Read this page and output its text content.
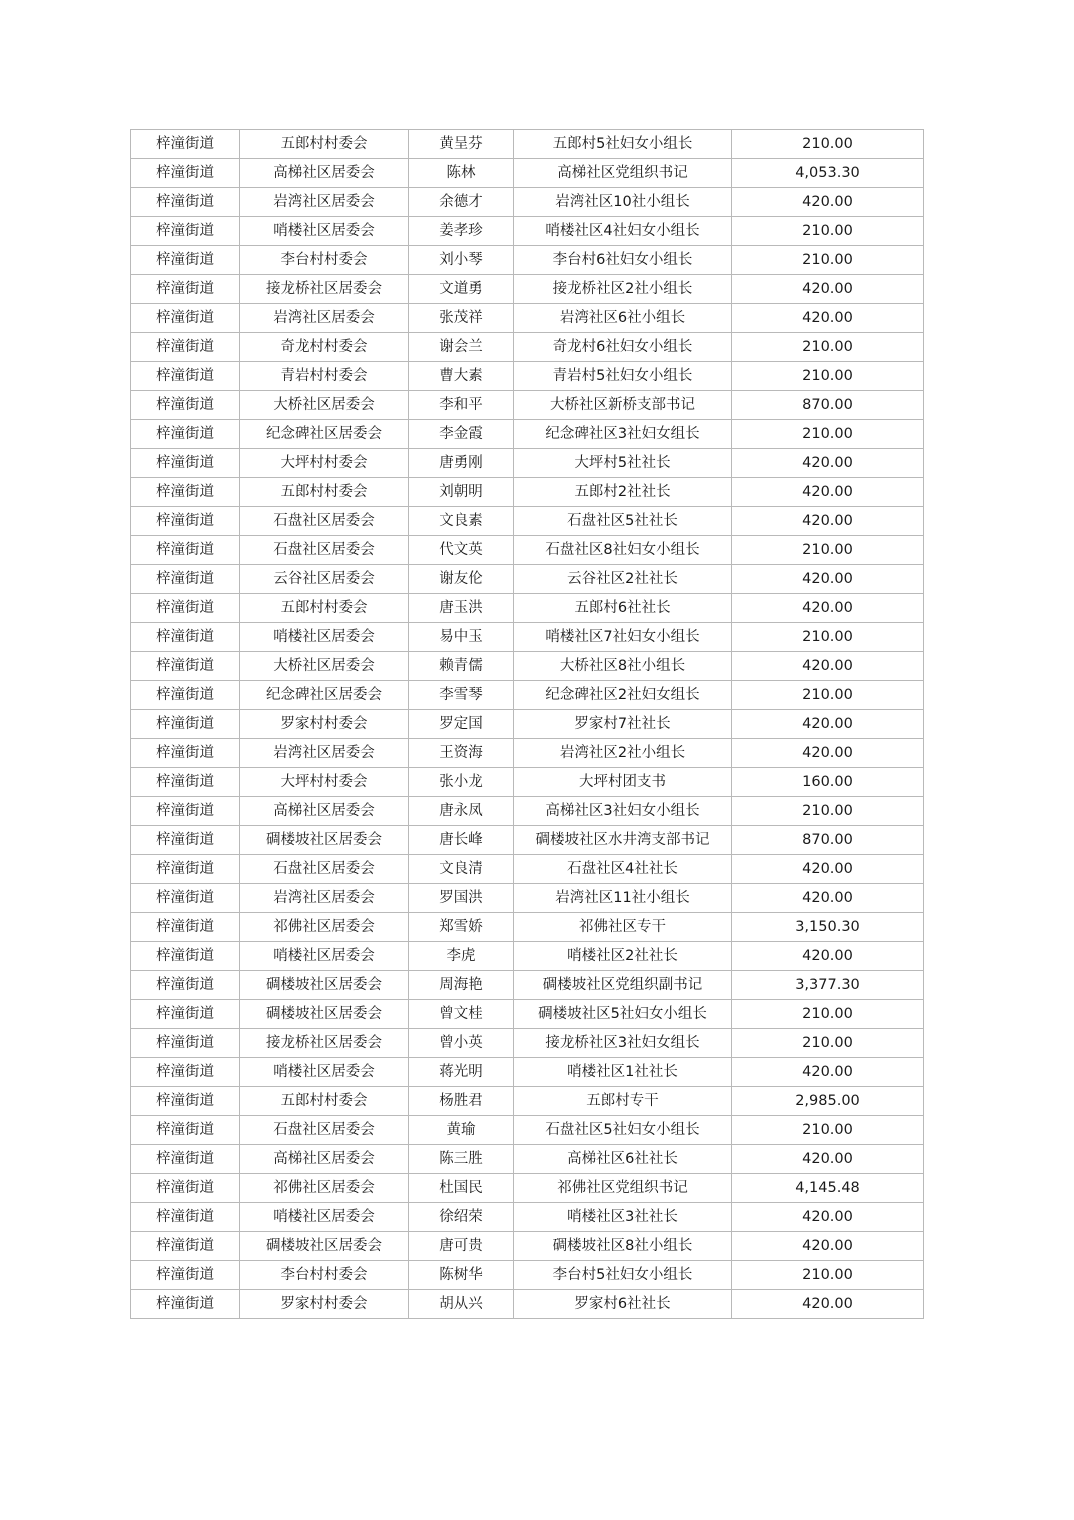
梓潼街道	五郎村村委会	黄呈芬	五郎村5社妇女小组长	210.00
梓潼街道	高梯社区居委会	陈林	高梯社区党组织书记	4,053.30
梓潼街道	岩湾社区居委会	余德才	岩湾社区10社小组长	420.00
梓潼街道	哨楼社区居委会	姜孝珍	哨楼社区4社妇女小组长	210.00
梓潼街道	李台村村委会	刘小琴	李台村6社妇女小组长	210.00
梓潼街道	接龙桥社区居委会	文道勇	接龙桥社区2社小组长	420.00
梓潼街道	岩湾社区居委会	张茂祥	岩湾社区6社小组长	420.00
梓潼街道	奇龙村村委会	谢会兰	奇龙村6社妇女小组长	210.00
梓潼街道	青岩村村委会	曹大素	青岩村5社妇女小组长	210.00
梓潼街道	大桥社区居委会	李和平	大桥社区新桥支部书记	870.00
梓潼街道	纪念碑社区居委会	李金霞	纪念碑社区3社妇女组长	210.00
梓潼街道	大坪村村委会	唐勇刚	大坪村5社社长	420.00
梓潼街道	五郎村村委会	刘朝明	五郎村2社社长	420.00
梓潼街道	石盘社区居委会	文良素	石盘社区5社社长	420.00
梓潼街道	石盘社区居委会	代文英	石盘社区8社妇女小组长	210.00
梓潼街道	云谷社区居委会	谢友伦	云谷社区2社社长	420.00
梓潼街道	五郎村村委会	唐玉洪	五郎村6社社长	420.00
梓潼街道	哨楼社区居委会	易中玉	哨楼社区7社妇女小组长	210.00
梓潼街道	大桥社区居委会	赖青儒	大桥社区8社小组长	420.00
梓潼街道	纪念碑社区居委会	李雪琴	纪念碑社区2社妇女组长	210.00
梓潼街道	罗家村村委会	罗定国	罗家村7社社长	420.00
梓潼街道	岩湾社区居委会	王资海	岩湾社区2社小组长	420.00
梓潼街道	大坪村村委会	张小龙	大坪村团支书	160.00
梓潼街道	高梯社区居委会	唐永凤	高梯社区3社妇女小组长	210.00
梓潼街道	碉楼坡社区居委会	唐长峰	碉楼坡社区水井湾支部书记	870.00
梓潼街道	石盘社区居委会	文良清	石盘社区4社社长	420.00
梓潼街道	岩湾社区居委会	罗国洪	岩湾社区11社小组长	420.00
梓潼街道	祁佛社区居委会	郑雪娇	祁佛社区专干	3,150.30
梓潼街道	哨楼社区居委会	李虎	哨楼社区2社社长	420.00
梓潼街道	碉楼坡社区居委会	周海艳	碉楼坡社区党组织副书记	3,377.30
梓潼街道	碉楼坡社区居委会	曾文桂	碉楼坡社区5社妇女小组长	210.00
梓潼街道	接龙桥社区居委会	曾小英	接龙桥社区3社妇女组长	210.00
梓潼街道	哨楼社区居委会	蒋光明	哨楼社区1社社长	420.00
梓潼街道	五郎村村委会	杨胜君	五郎村专干	2,985.00
梓潼街道	石盘社区居委会	黄瑜	石盘社区5社妇女小组长	210.00
梓潼街道	高梯社区居委会	陈三胜	高梯社区6社社长	420.00
梓潼街道	祁佛社区居委会	杜国民	祁佛社区党组织书记	4,145.48
梓潼街道	哨楼社区居委会	徐绍荣	哨楼社区3社社长	420.00
梓潼街道	碉楼坡社区居委会	唐可贵	碉楼坡社区8社小组长	420.00
梓潼街道	李台村村委会	陈树华	李台村5社妇女小组长	210.00
梓潼街道	罗家村村委会	胡从兴	罗家村6社社长	420.00
